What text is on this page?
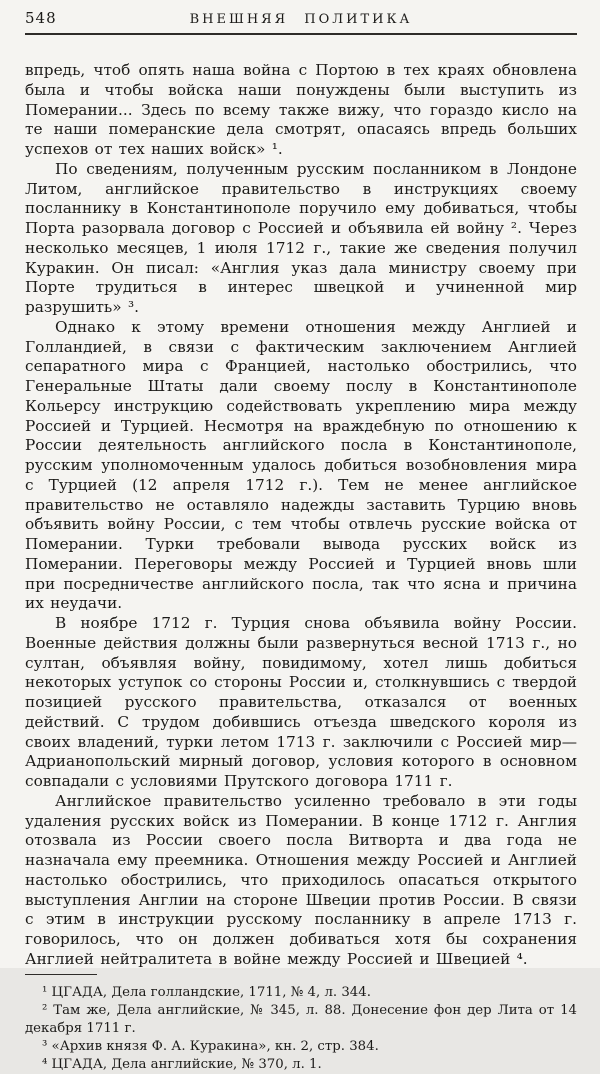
548	ВНЕШНЯЯ ПОЛИТИКА

впредь, чтоб опять наша война с Портою в тех краях обновлена была и чтобы войска наши понуждены были выступить из Померании... Здесь по всему также вижу, что гораздо кисло на те наши померанские дела смотрят, опасаясь впредь больших успехов от тех наших войск» ¹.

По сведениям, полученным русским посланником в Лондоне Литом, английское правительство в инструкциях своему посланнику в Константинополе поручило ему добиваться, чтобы Порта разорвала договор с Россией и объявила ей войну ². Через несколько месяцев, 1 июля 1712 г., такие же сведения получил Куракин. Он писал: «Англия указ дала министру своему при Порте трудиться в интерес швецкой и учиненной мир разрушить» ³.

Однако к этому времени отношения между Англией и Голландией, в связи с фактическим заключением Англией сепаратного мира с Францией, настолько обострились, что Генеральные Штаты дали своему послу в Константинополе Кольерсу инструкцию содействовать укреплению мира между Россией и Турцией. Несмотря на враждебную по отношению к России деятельность английского посла в Константинополе, русским уполномоченным удалось добиться возобновления мира с Турцией (12 апреля 1712 г.). Тем не менее английское правительство не оставляло надежды заставить Турцию вновь объявить войну России, с тем чтобы отвлечь русские войска от Померании. Турки требовали вывода русских войск из Померании. Переговоры между Россией и Турцией вновь шли при посредничестве английского посла, так что ясна и причина их неудачи.

В ноябре 1712 г. Турция снова объявила войну России. Военные действия должны были развернуться весной 1713 г., но султан, объявляя войну, повидимому, хотел лишь добиться некоторых уступок со стороны России и, столкнувшись с твердой позицией русского правительства, отказался от военных действий. С трудом добившись отъезда шведского короля из своих владений, турки летом 1713 г. заключили с Россией мир—Адрианопольский мирный договор, условия которого в основном совпадали с условиями Прутского договора 1711 г.

Английское правительство усиленно требовало в эти годы удаления русских войск из Померании. В конце 1712 г. Англия отозвала из России своего посла Витворта и два года не назначала ему преемника. Отношения между Россией и Англией настолько обострились, что приходилось опасаться открытого выступления Англии на стороне Швеции против России. В связи с этим в инструкции русскому посланнику в апреле 1713 г. говорилось, что он должен добиваться хотя бы сохранения Англией нейтралитета в войне между Россией и Швецией ⁴.

¹ ЦГАДА, Дела голландские, 1711, № 4, л. 344.

² Там же, Дела английские, № 345, л. 88. Донесение фон дер Лита от 14 декабря 1711 г.

³ «Архив князя Ф. А. Куракина», кн. 2, стр. 384.

⁴ ЦГАДА, Дела английские, № 370, л. 1.
